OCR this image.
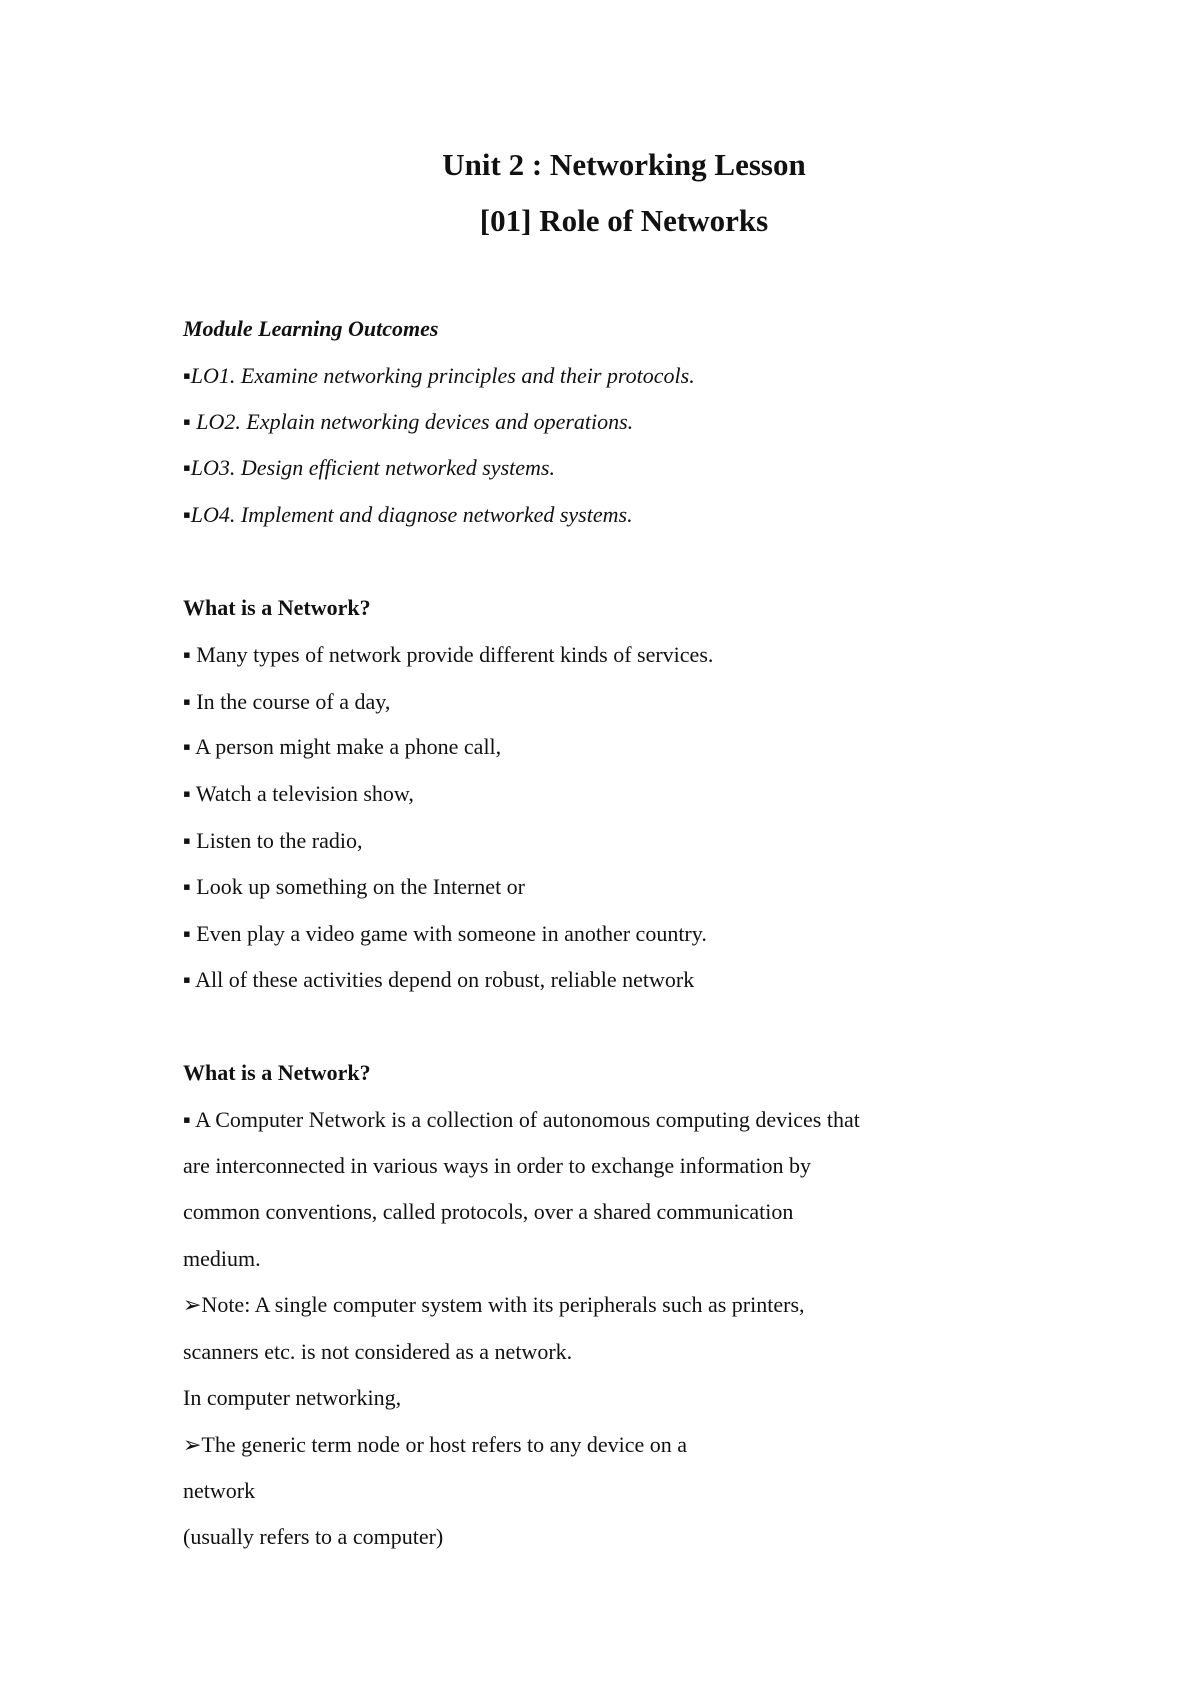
Unit 2 : Networking Lesson
[01] Role of Networks

Module Learning Outcomes

▪LO1. Examine networking principles and their protocols.

▪ LO2. Explain networking devices and operations.

▪LO3. Design efficient networked systems.

▪LO4. Implement and diagnose networked systems.

What is a Network?

▪ Many types of network provide different kinds of services.

▪ In the course of a day,

▪ A person might make a phone call,

▪ Watch a television show,

▪ Listen to the radio,

▪ Look up something on the Internet or

▪ Even play a video game with someone in another country.

▪ All of these activities depend on robust, reliable network

What is a Network?

▪ A Computer Network is a collection of autonomous computing devices that

are interconnected in various ways in order to exchange information by

common conventions, called protocols, over a shared communication

medium.

➢Note: A single computer system with its peripherals such as printers,

scanners etc. is not considered as a network.

In computer networking,

➢The generic term node or host refers to any device on a

network

(usually refers to a computer)
